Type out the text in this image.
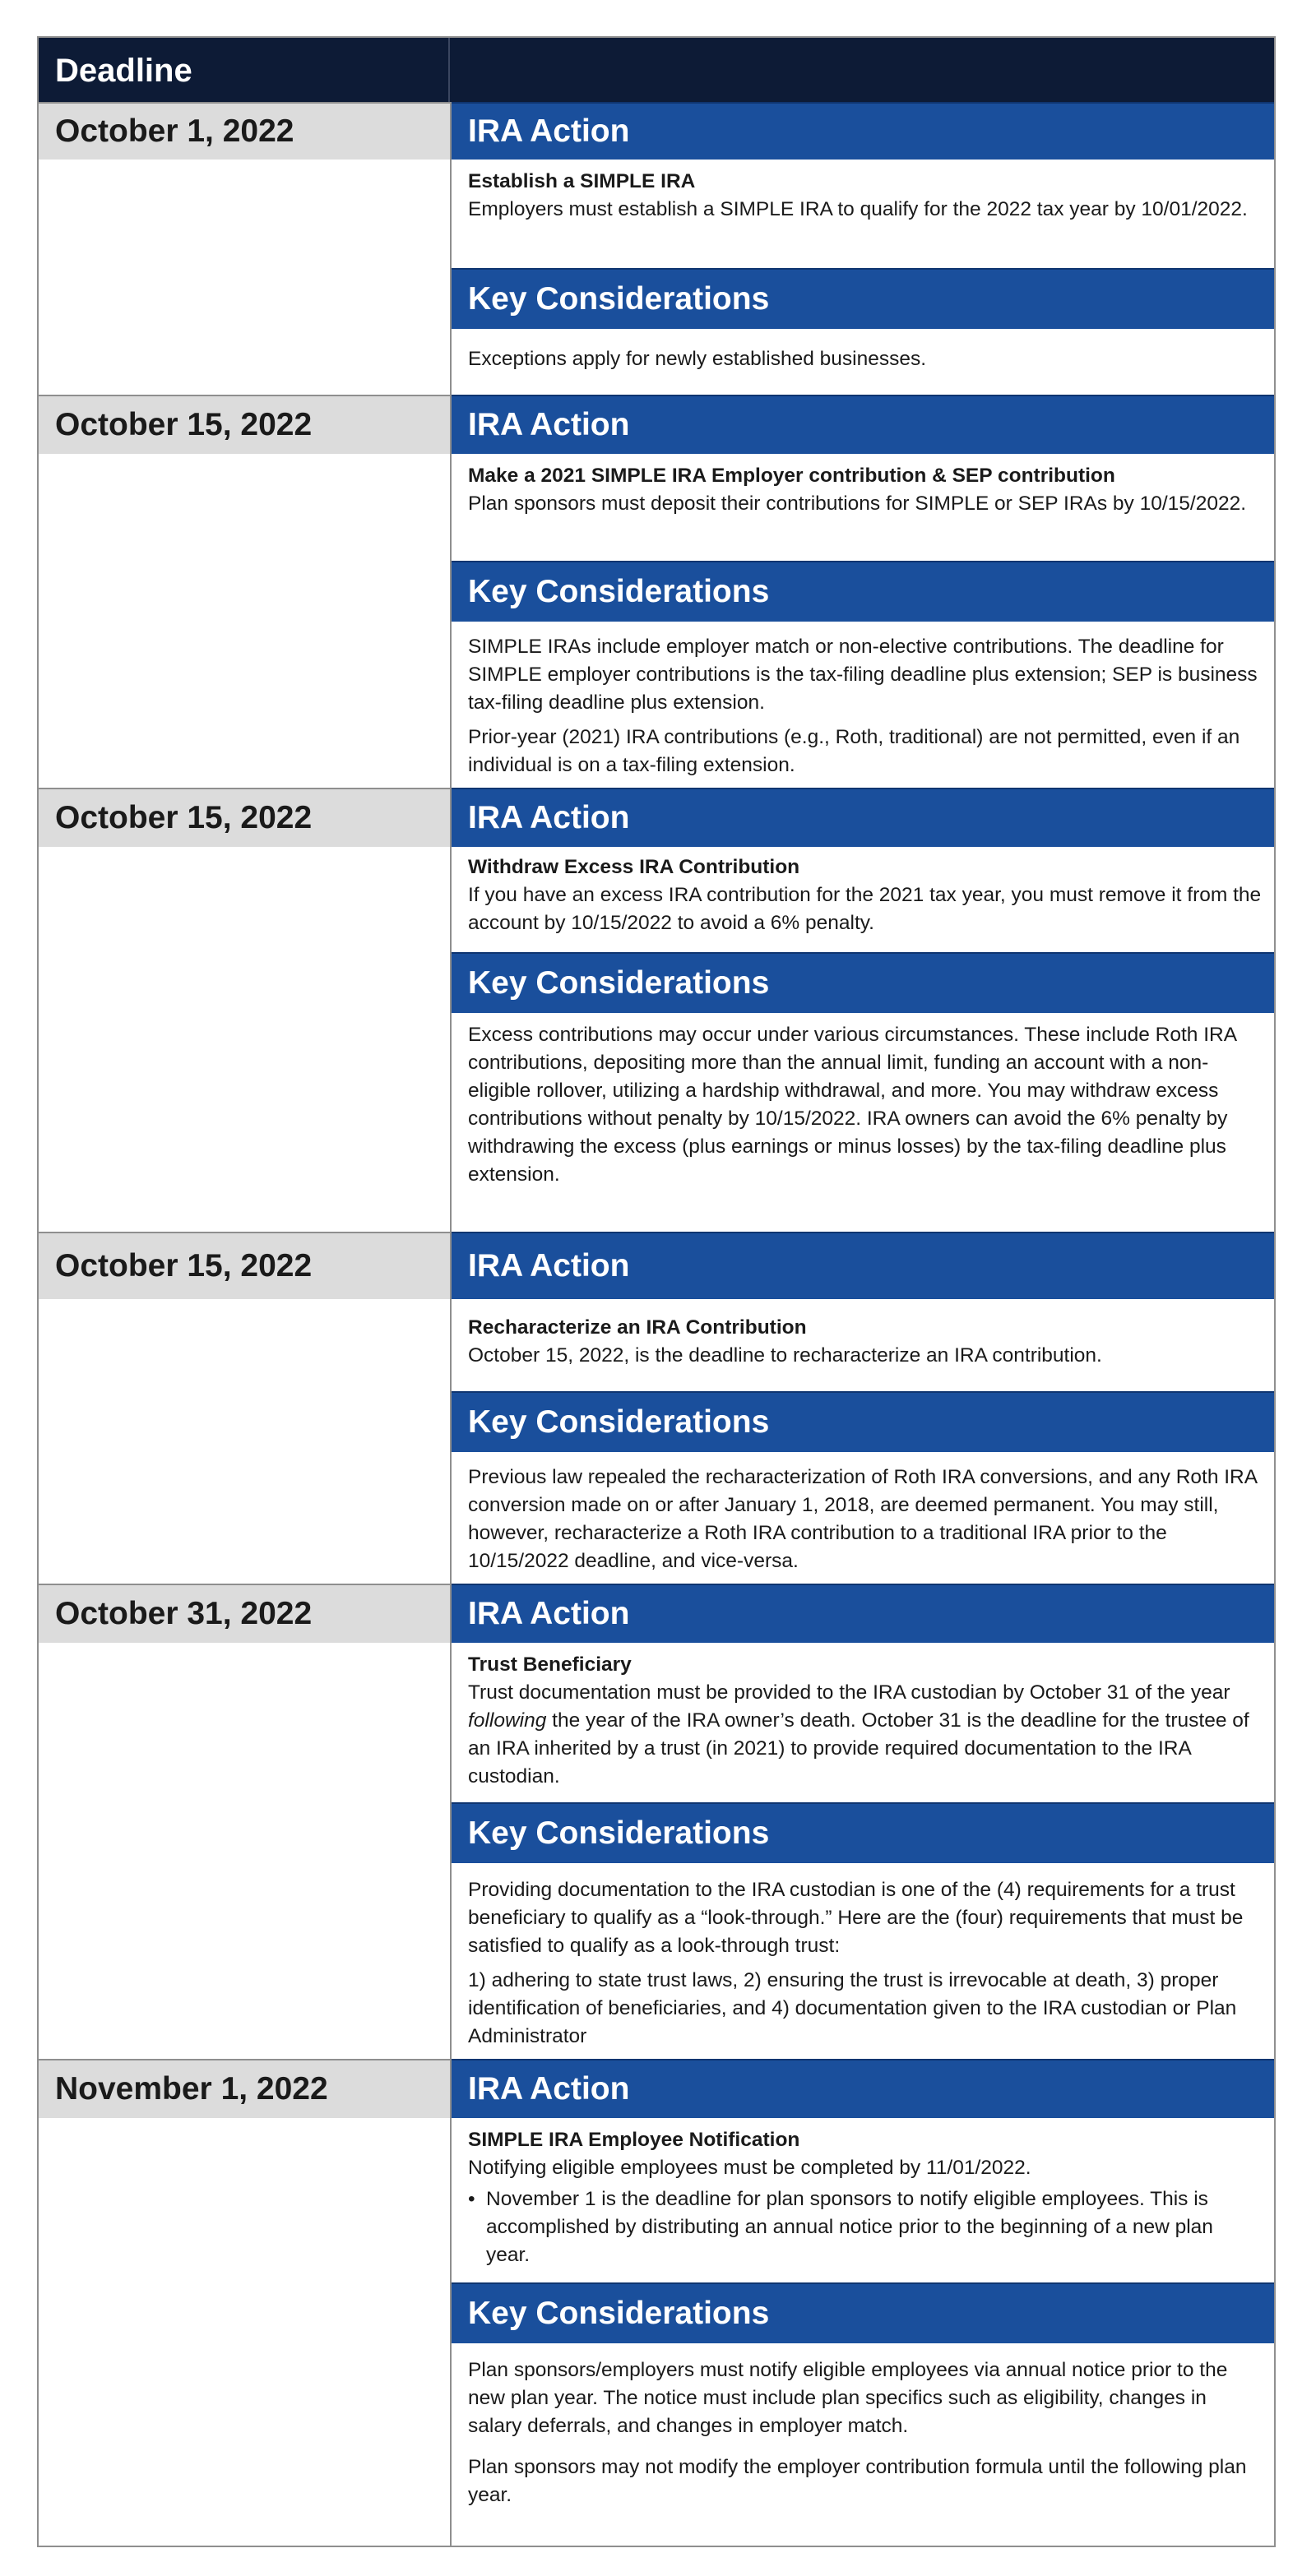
Deadline
October 1, 2022	IRA Action

Establish a SIMPLE IRA

Employers must establish a SIMPLE IRA to qualify for the 2022 tax year by 10/01/2022.

Key Considerations

Exceptions apply for newly established businesses.

October 15, 2022	IRA Action

Make a 2021 SIMPLE IRA Employer contribution & SEP contribution

Plan sponsors must deposit their contributions for SIMPLE or SEP IRAs by 10/15/2022.

Key Considerations

SIMPLE IRAs include employer match or non-elective contributions. The deadline for SIMPLE employer contributions is the tax-filing deadline plus extension; SEP is business tax-filing deadline plus extension.

Prior-year (2021) IRA contributions (e.g., Roth, traditional) are not permitted, even if an individual is on a tax-filing extension.

October 15, 2022	IRA Action

Withdraw Excess IRA Contribution

If you have an excess IRA contribution for the 2021 tax year, you must remove it from the account by 10/15/2022 to avoid a 6% penalty.

Key Considerations

Excess contributions may occur under various circumstances. These include Roth IRA contributions, depositing more than the annual limit, funding an account with a non-eligible rollover, utilizing a hardship withdrawal, and more. You may withdraw excess contributions without penalty by 10/15/2022. IRA owners can avoid the 6% penalty by withdrawing the excess (plus earnings or minus losses) by the tax-filing deadline plus extension.

October 15, 2022	IRA Action

Recharacterize an IRA Contribution

October 15, 2022, is the deadline to recharacterize an IRA contribution.

Key Considerations

Previous law repealed the recharacterization of Roth IRA conversions, and any Roth IRA conversion made on or after January 1, 2018, are deemed permanent. You may still, however, recharacterize a Roth IRA contribution to a traditional IRA prior to the 10/15/2022 deadline, and vice-versa.

October 31, 2022	IRA Action

Trust Beneficiary

Trust documentation must be provided to the IRA custodian by October 31 of the year following the year of the IRA owner’s death. October 31 is the deadline for the trustee of an IRA inherited by a trust (in 2021) to provide required documentation to the IRA custodian.

Key Considerations

Providing documentation to the IRA custodian is one of the (4) requirements for a trust beneficiary to qualify as a “look-through.” Here are the (four) requirements that must be satisfied to qualify as a look-through trust:

1) adhering to state trust laws, 2) ensuring the trust is irrevocable at death, 3) proper identification of beneficiaries, and 4) documentation given to the IRA custodian or Plan Administrator

November 1, 2022	IRA Action

SIMPLE IRA Employee Notification

Notifying eligible employees must be completed by 11/01/2022.

• November 1 is the deadline for plan sponsors to notify eligible employees. This is accomplished by distributing an annual notice prior to the beginning of a new plan year.

Key Considerations

Plan sponsors/employers must notify eligible employees via annual notice prior to the new plan year. The notice must include plan specifics such as eligibility, changes in salary deferrals, and changes in employer match.

Plan sponsors may not modify the employer contribution formula until the following plan year.
